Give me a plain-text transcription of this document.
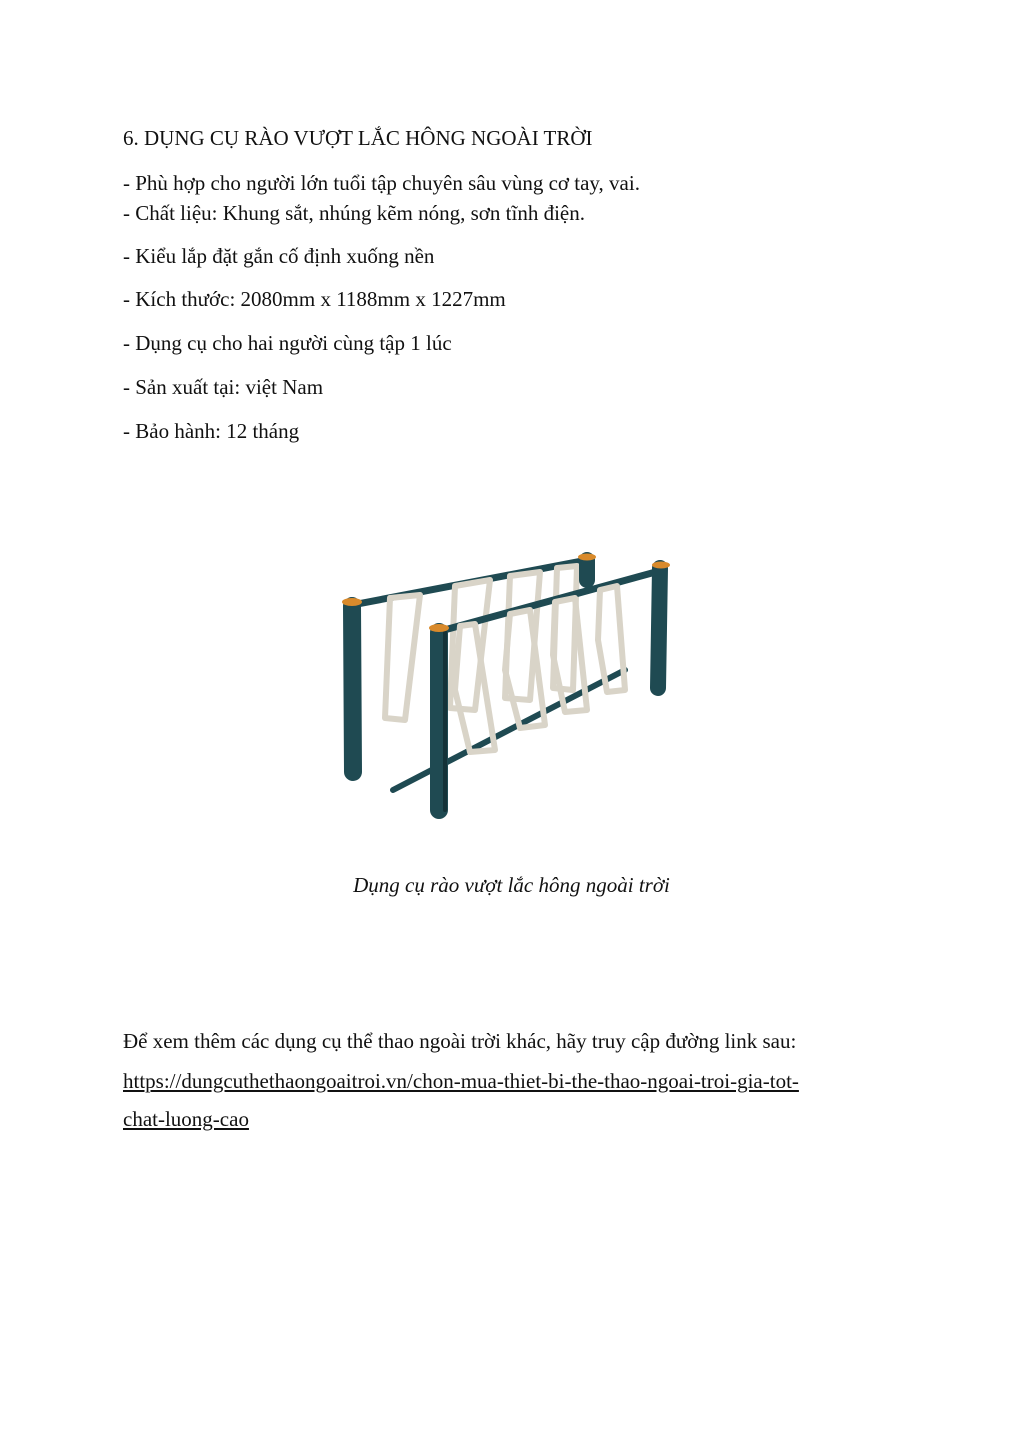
6. DỤNG CỤ RÀO VƯỢT LẮC HÔNG NGOÀI TRỜI
- Phù hợp cho người lớn tuổi tập chuyên sâu vùng cơ tay, vai.
- Chất liệu: Khung sắt, nhúng kẽm nóng, sơn tĩnh điện.
- Kiểu lắp đặt gắn cố định xuống nền
- Kích thước: 2080mm x 1188mm x 1227mm
- Dụng cụ cho hai người cùng tập 1 lúc
- Sản xuất tại: việt Nam
- Bảo hành: 12 tháng
Dụng cụ rào vượt lắc hông ngoài trời
Để xem thêm các dụng cụ thể thao ngoài trời khác, hãy truy cập đường link sau:
https://dungcuthethaongoaitroi.vn/chon-mua-thiet-bi-the-thao-ngoai-troi-gia-tot-
chat-luong-cao
